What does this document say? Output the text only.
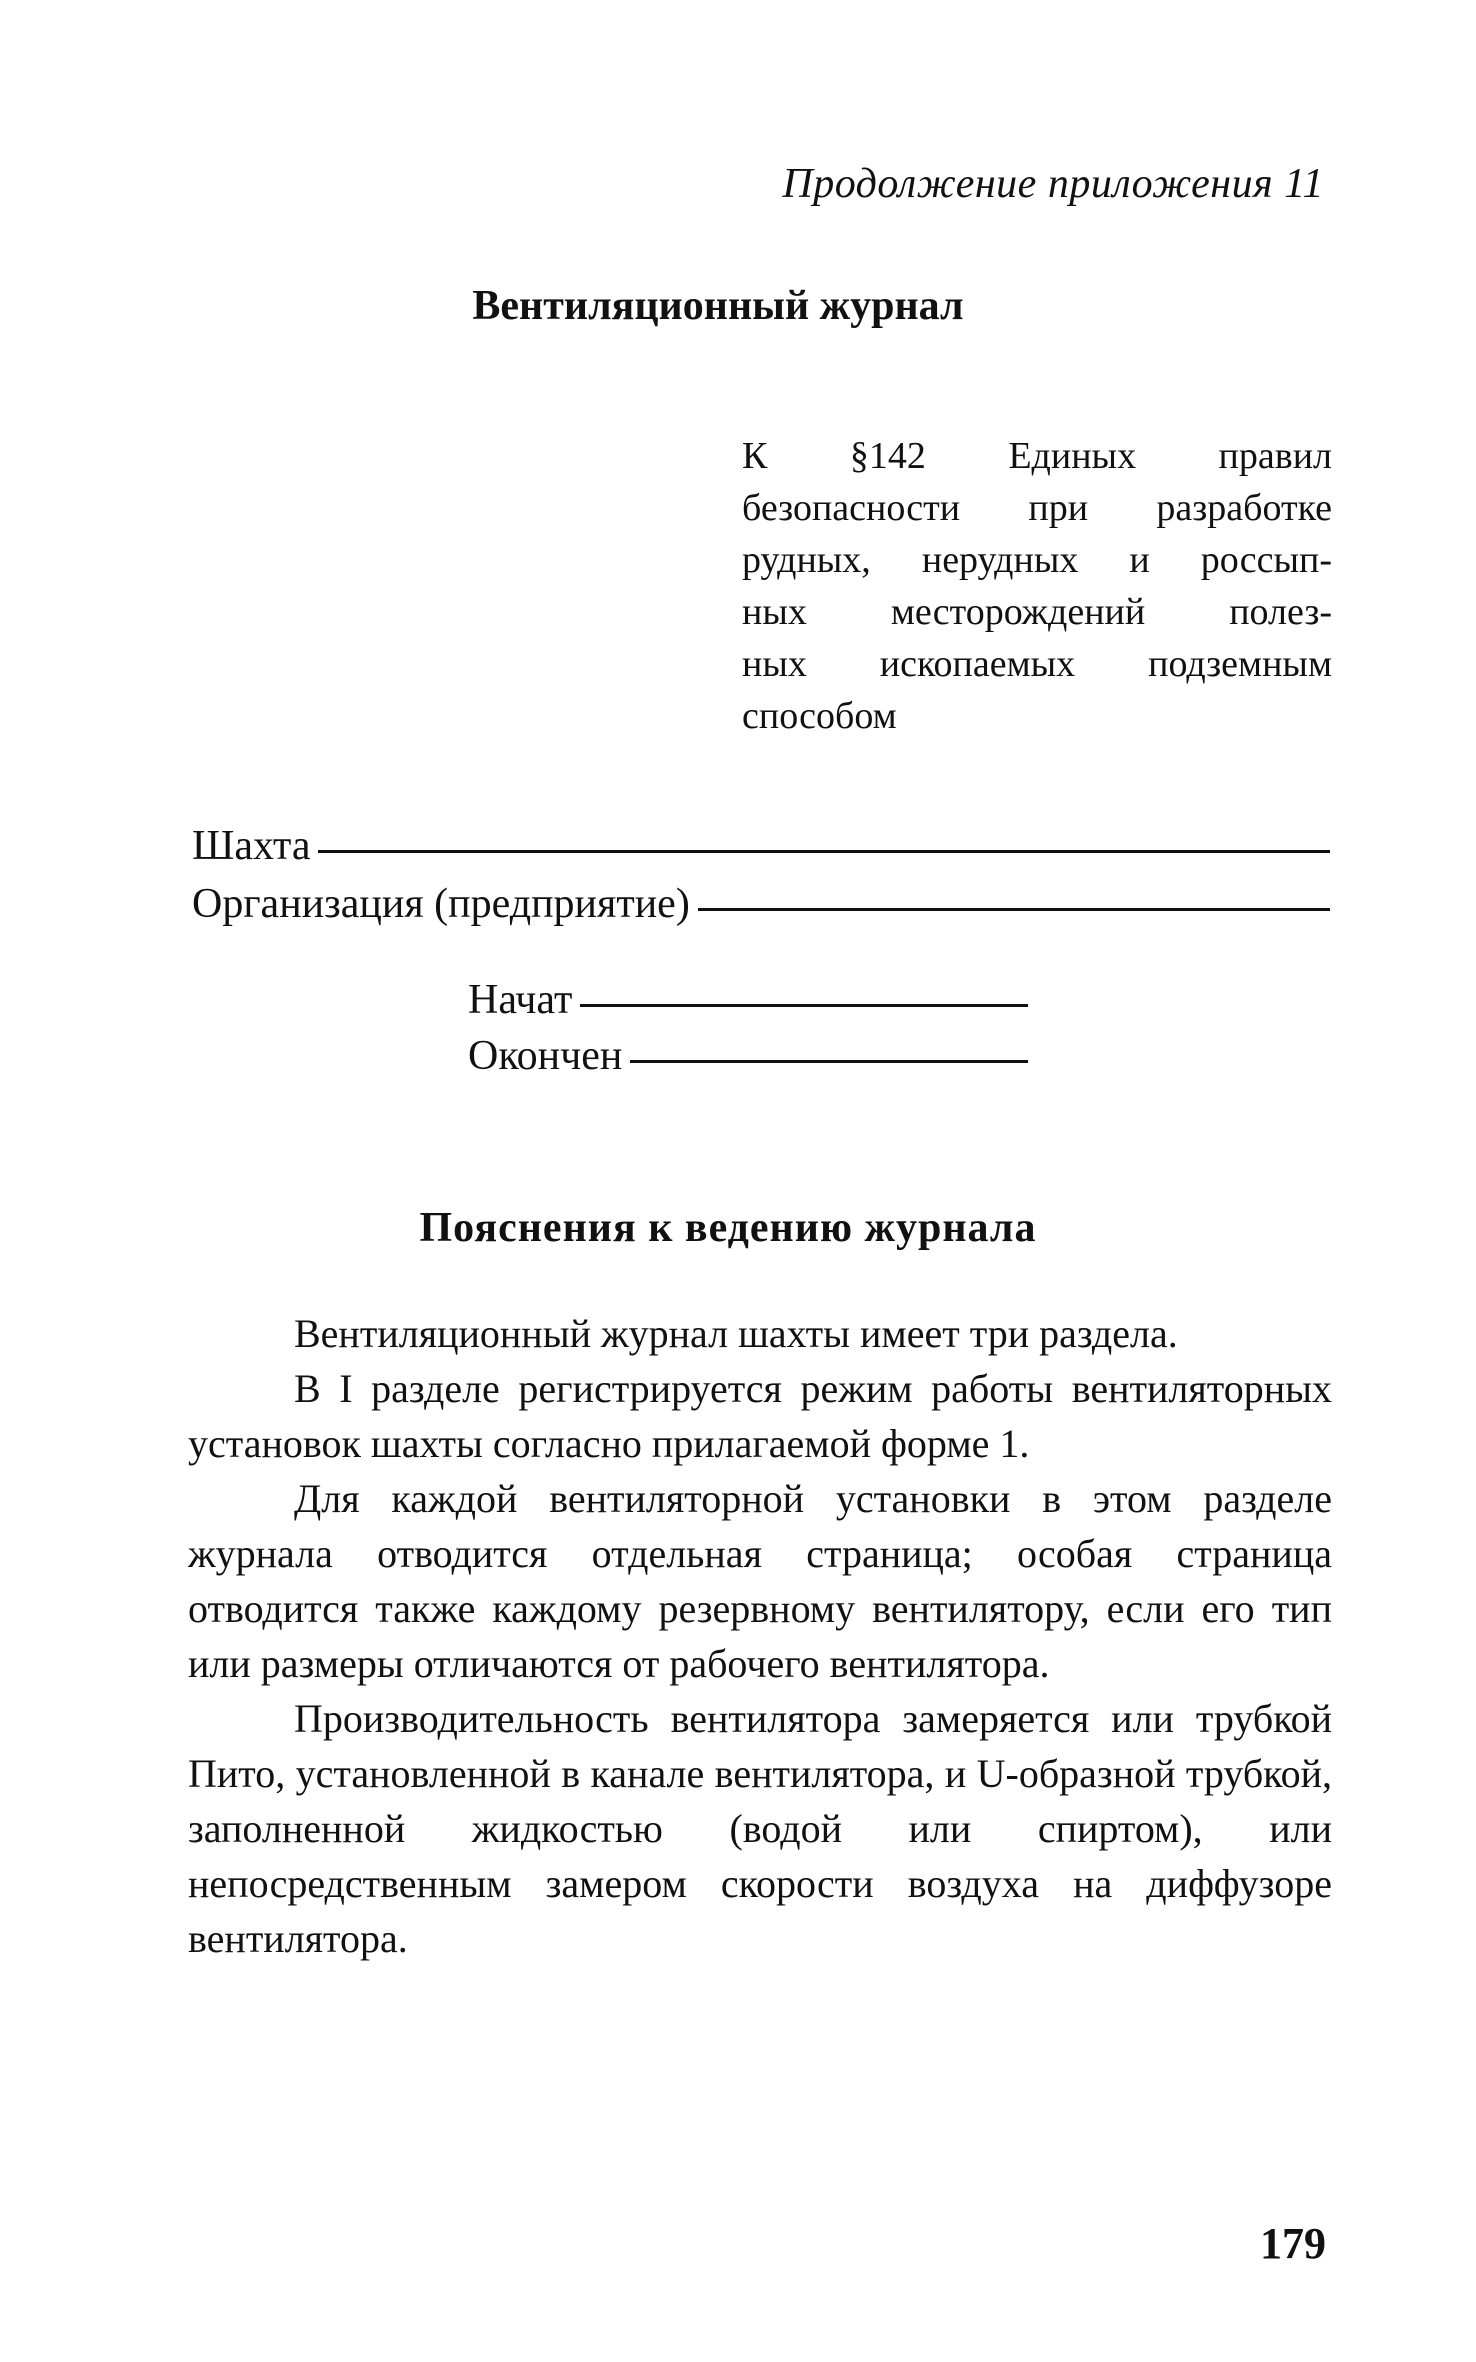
Продолжение приложения 11
Вентиляционный журнал
К §142 Единых правил
безопасности при разработке
рудных, нерудных и россып-
ных месторождений полез-
ных ископаемых подземным
способом
Шахта
Организация (предприятие)
Начат
Окончен
Пояснения к ведению журнала

Вентиляционный журнал шахты имеет три раздела.

В I разделе регистрируется режим работы вентиляторных установок шахты согласно прилагаемой форме 1.

Для каждой вентиляторной установки в этом разделе журнала отводится отдельная страница; особая страница отводится также каждому резервному вентилятору, если его тип или размеры отличаются от рабочего вентилятора.

Производительность вентилятора замеряется или трубкой Пито, установленной в канале вентилятора, и U-образной трубкой, заполненной жидкостью (водой или спиртом), или непосредственным замером скорости воздуха на диффузоре вентилятора.

179
